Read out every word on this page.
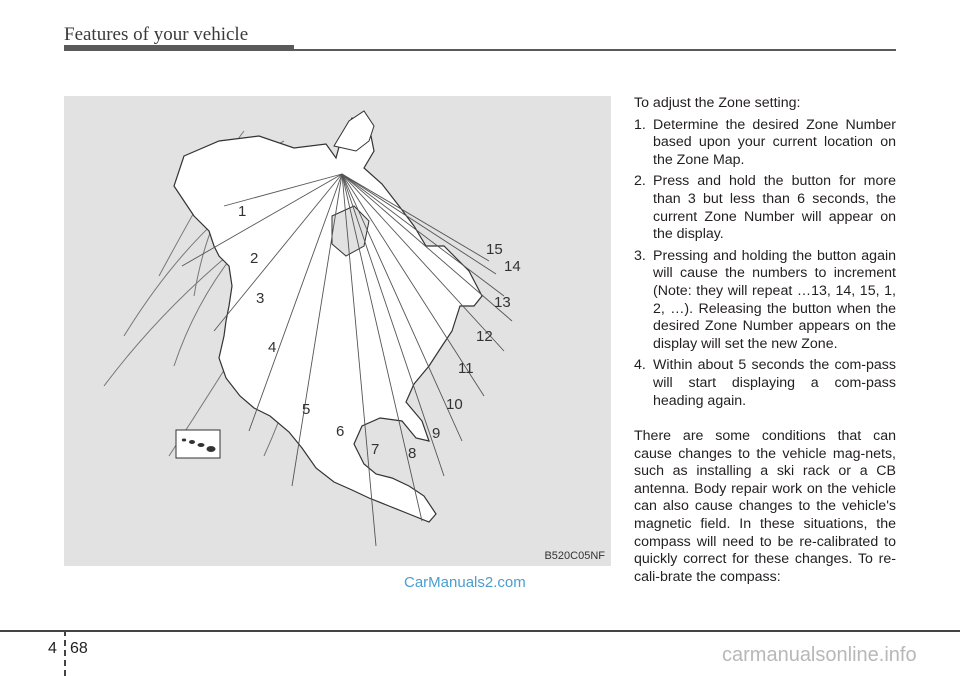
Features of your vehicle
1
2
3
4
5
6
7 8
9
10
11
12
13
14
15
B520C05NF

To adjust the Zone setting:

1. Determine the desired Zone Number based upon your current location on the Zone Map.
2. Press and hold the button for more than 3 but less than 6 seconds, the current Zone Number will appear on the display.
3. Pressing and holding the button again will cause the numbers to increment (Note: they will repeat …13, 14, 15, 1, 2, …). Releasing the button when the desired Zone Number appears on the display will set the new Zone.
4. Within about 5 seconds the com-pass will start displaying a com-pass heading again.

There are some conditions that can cause changes to the vehicle mag-nets, such as installing a ski rack or a CB antenna. Body repair work on the vehicle can also cause changes to the vehicle's magnetic field. In these situations, the compass will need to be re-calibrated to quickly correct for these changes. To re-cali-brate the compass:

CarManuals2.com
4 68	carmanualsonline.info
